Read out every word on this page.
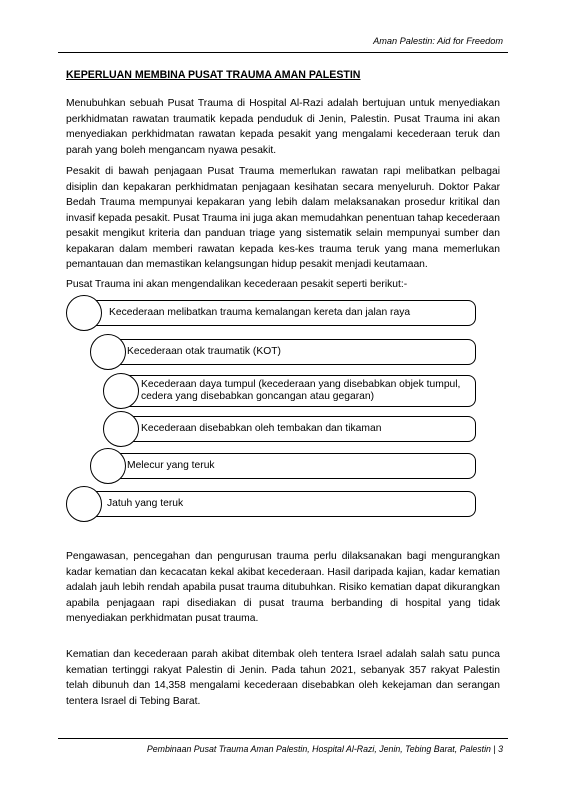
Aman Palestin: Aid for Freedom
KEPERLUAN MEMBINA PUSAT TRAUMA AMAN PALESTIN

Menubuhkan sebuah Pusat Trauma di Hospital Al-Razi adalah bertujuan untuk menyediakan perkhidmatan rawatan traumatik kepada penduduk di Jenin, Palestin. Pusat Trauma ini akan menyediakan perkhidmatan rawatan kepada pesakit yang mengalami kecederaan teruk dan parah yang boleh mengancam nyawa pesakit.

Pesakit di bawah penjagaan Pusat Trauma memerlukan rawatan rapi melibatkan pelbagai disiplin dan kepakaran perkhidmatan penjagaan kesihatan secara menyeluruh. Doktor Pakar Bedah Trauma mempunyai kepakaran yang lebih dalam melaksanakan prosedur kritikal dan invasif kepada pesakit. Pusat Trauma ini juga akan memudahkan penentuan tahap kecederaan pesakit mengikut kriteria dan panduan triage yang sistematik selain mempunyai sumber dan kepakaran dalam memberi rawatan kepada kes-kes trauma teruk yang mana memerlukan pemantauan dan memastikan kelangsungan hidup pesakit menjadi keutamaan.

Pusat Trauma ini akan mengendalikan kecederaan pesakit seperti berikut:-

Kecederaan melibatkan trauma kemalangan kereta dan jalan raya
Kecederaan otak traumatik (KOT)
Kecederaan daya tumpul (kecederaan yang disebabkan objek tumpul, cedera yang disebabkan goncangan atau gegaran)
Kecederaan disebabkan oleh tembakan dan tikaman
Melecur yang teruk
Jatuh yang teruk

Pengawasan, pencegahan dan pengurusan trauma perlu dilaksanakan bagi mengurangkan kadar kematian dan kecacatan kekal akibat kecederaan. Hasil daripada kajian, kadar kematian adalah jauh lebih rendah apabila pusat trauma ditubuhkan. Risiko kematian dapat dikurangkan apabila penjagaan rapi disediakan di pusat trauma berbanding di hospital yang tidak menyediakan perkhidmatan pusat trauma.

Kematian dan kecederaan parah akibat ditembak oleh tentera Israel adalah salah satu punca kematian tertinggi rakyat Palestin di Jenin. Pada tahun 2021, sebanyak 357 rakyat Palestin telah dibunuh dan 14,358 mengalami kecederaan disebabkan oleh kekejaman dan serangan tentera Israel di Tebing Barat.

Pembinaan Pusat Trauma Aman Palestin, Hospital Al-Razi, Jenin, Tebing Barat, Palestin | 3
